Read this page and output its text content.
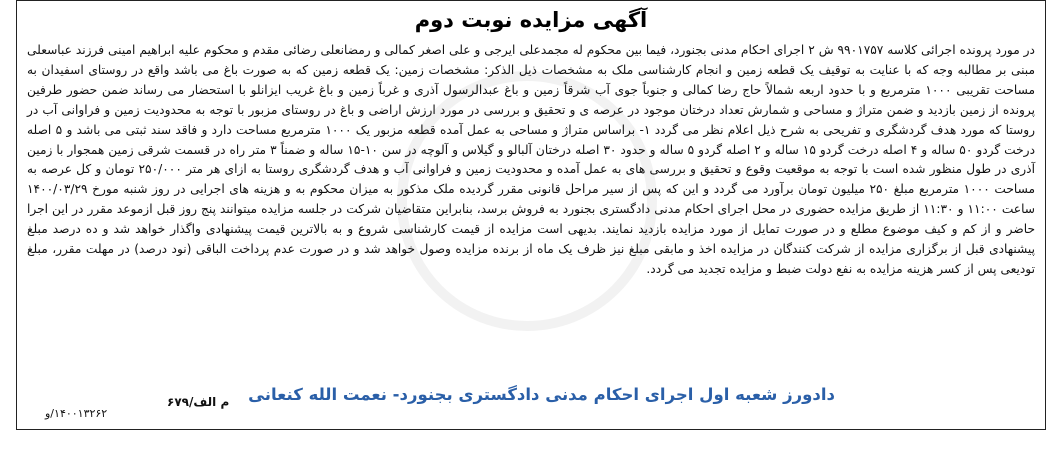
آگهی مزایده نوبت دوم
در مورد پرونده اجرائی کلاسه ۹۹۰۱۷۵۷ ش ۲ اجرای احکام مدنی بجنورد، فیما بین محکوم له مجمدعلی ایرجی و علی اصغر کمالی و رمضانعلی رضائی مقدم و محکوم علیه ابراهیم امینی فرزند عباسعلی مبنی بر مطالبه وجه که با عنایت به توقیف یک قطعه زمین و انجام کارشناسی ملک به مشخصات ذیل الذکر: مشخصات زمین: یک قطعه زمین که به صورت باغ می باشد واقع در روستای اسفیدان به مساحت تقریبی ۱۰۰۰ مترمربع و با حدود اربعه شمالاً حاج رضا کمالی و جنوباً جوی آب شرقاً زمین و باغ عبدالرسول آذری و غرباً زمین و باغ غریب ایزانلو با استحضار می رساند ضمن حضور طرفین پرونده از زمین بازدید و ضمن متراژ و مساحی و شمارش تعداد درختان موجود در عرصه ی و تحقیق و بررسی در مورد ارزش اراضی و باغ در روستای مزبور با توجه به محدودیت زمین و فراوانی آب در روستا که مورد هدف گردشگری و تفریحی به شرح ذیل اعلام نظر می گردد ۱- براساس متراژ و مساحی به عمل آمده قطعه مزبور یک ۱۰۰۰ مترمربع مساحت دارد و فاقد سند ثبتی می باشد و ۵ اصله درخت گردو ۵۰ ساله و ۴ اصله درخت گردو ۱۵ ساله و ۲ اصله گردو ۵ ساله و حدود ۳۰ اصله درختان آلبالو و گیلاس و آلوچه در سن ۱۰-۱۵ ساله و ضمناً ۳ متر راه در قسمت شرقی زمین همجوار با زمین آذری در طول منظور شده است با توجه به موقعیت وقوع و تحقیق و بررسی های به عمل آمده و محدودیت زمین و فراوانی آب و هدف گردشگری روستا به ازای هر متر ۲۵۰/۰۰۰ تومان و کل عرصه به مساحت ۱۰۰۰ مترمربع مبلغ ۲۵۰ میلیون تومان برآورد می گردد و این که پس از سیر مراحل قانونی مقرر گردیده ملک مذکور به میزان محکوم به و هزینه های اجرایی در روز شنبه مورخ ۱۴۰۰/۰۳/۲۹ ساعت ۱۱:۰۰ و ۱۱:۳۰ از طریق مزایده حضوری در محل اجرای احکام مدنی دادگستری بجنورد به فروش برسد، بنابراین متقاضیان شرکت در جلسه مزایده میتوانند پنج روز قبل ازموعد مقرر در این اجرا حاضر و از کم و کیف موضوع مطلع و در صورت تمایل از مورد مزایده بازدید نمایند. بدیهی است مزایده از قیمت کارشناسی شروع و به بالاترین قیمت پیشنهادی واگذار خواهد شد و ده درصد مبلغ پیشنهادی قبل از برگزاری مزایده از شرکت کنندگان در مزایده اخذ و مابقی مبلغ نیز ظرف یک ماه از برنده مزایده وصول خواهد شد و در صورت عدم پرداخت الباقی (نود درصد) در مهلت مقرر، مبلغ تودیعی پس از کسر هزینه مزایده به نفع دولت ضبط و مزایده تجدید می گردد.
دادورز شعبه اول اجرای احکام مدنی دادگستری بجنورد- نعمت الله کنعانی
م الف/۶۷۹
۱۴۰۰۱۳۲۶۲/و
